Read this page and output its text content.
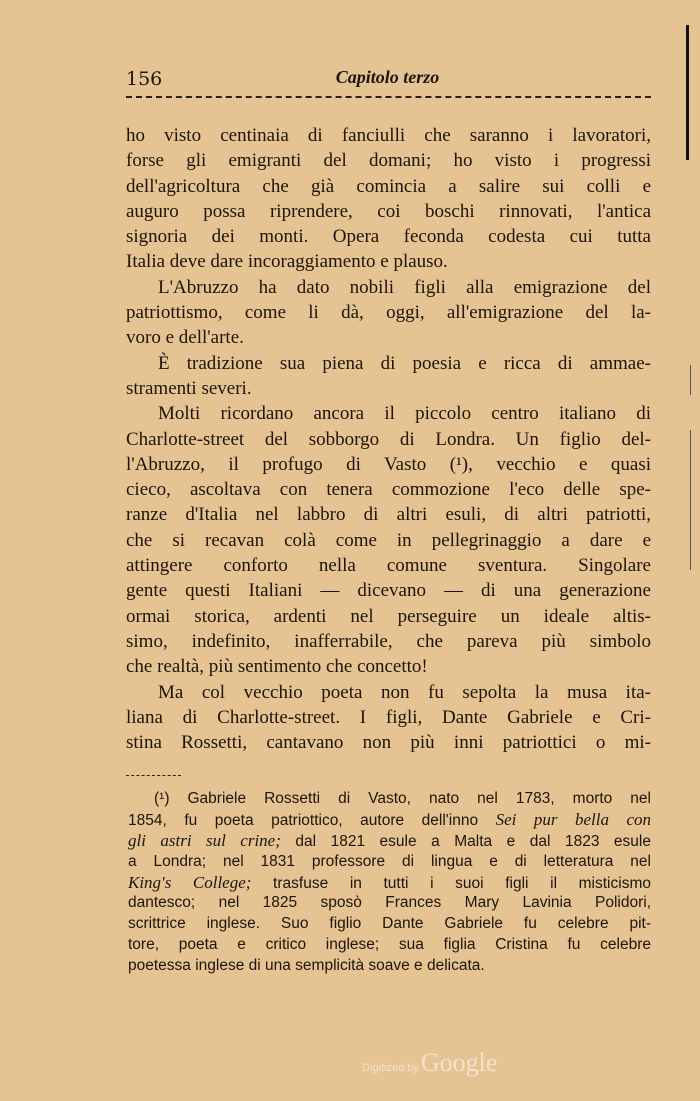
156	Capitolo terzo
ho visto centinaia di fanciulli che saranno i lavoratori,
forse gli emigranti del domani; ho visto i progressi
dell'agricoltura che già comincia a salire sui colli e
auguro possa riprendere, coi boschi rinnovati, l'antica
signoria dei monti. Opera feconda codesta cui tutta
Italia deve dare incoraggiamento e plauso.
L'Abruzzo ha dato nobili figli alla emigrazione del
patriottismo, come li dà, oggi, all'emigrazione del la-
voro e dell'arte.
È tradizione sua piena di poesia e ricca di ammae-
stramenti severi.
Molti ricordano ancora il piccolo centro italiano di
Charlotte-street del sobborgo di Londra. Un figlio del-
l'Abruzzo, il profugo di Vasto (¹), vecchio e quasi
cieco, ascoltava con tenera commozione l'eco delle spe-
ranze d'Italia nel labbro di altri esuli, di altri patriotti,
che si recavan colà come in pellegrinaggio a dare e
attingere conforto nella comune sventura. Singolare
gente questi Italiani — dicevano — di una generazione
ormai storica, ardenti nel perseguire un ideale altis-
simo, indefinito, inafferrabile, che pareva più simbolo
che realtà, più sentimento che concetto!
Ma col vecchio poeta non fu sepolta la musa ita-
liana di Charlotte-street. I figli, Dante Gabriele e Cri-
stina Rossetti, cantavano non più inni patriottici o mi-
(¹) Gabriele Rossetti di Vasto, nato nel 1783, morto nel
1854, fu poeta patriottico, autore dell'inno Sei pur bella con
gli astri sul crine; dal 1821 esule a Malta e dal 1823 esule
a Londra; nel 1831 professore di lingua e di letteratura nel
King's College; trasfuse in tutti i suoi figli il misticismo
dantesco; nel 1825 sposò Frances Mary Lavinia Polidori,
scrittrice inglese. Suo figlio Dante Gabriele fu celebre pit-
tore, poeta e critico inglese; sua figlia Cristina fu celebre
poetessa inglese di una semplicità soave e delicata.
Digitized byGoogle
